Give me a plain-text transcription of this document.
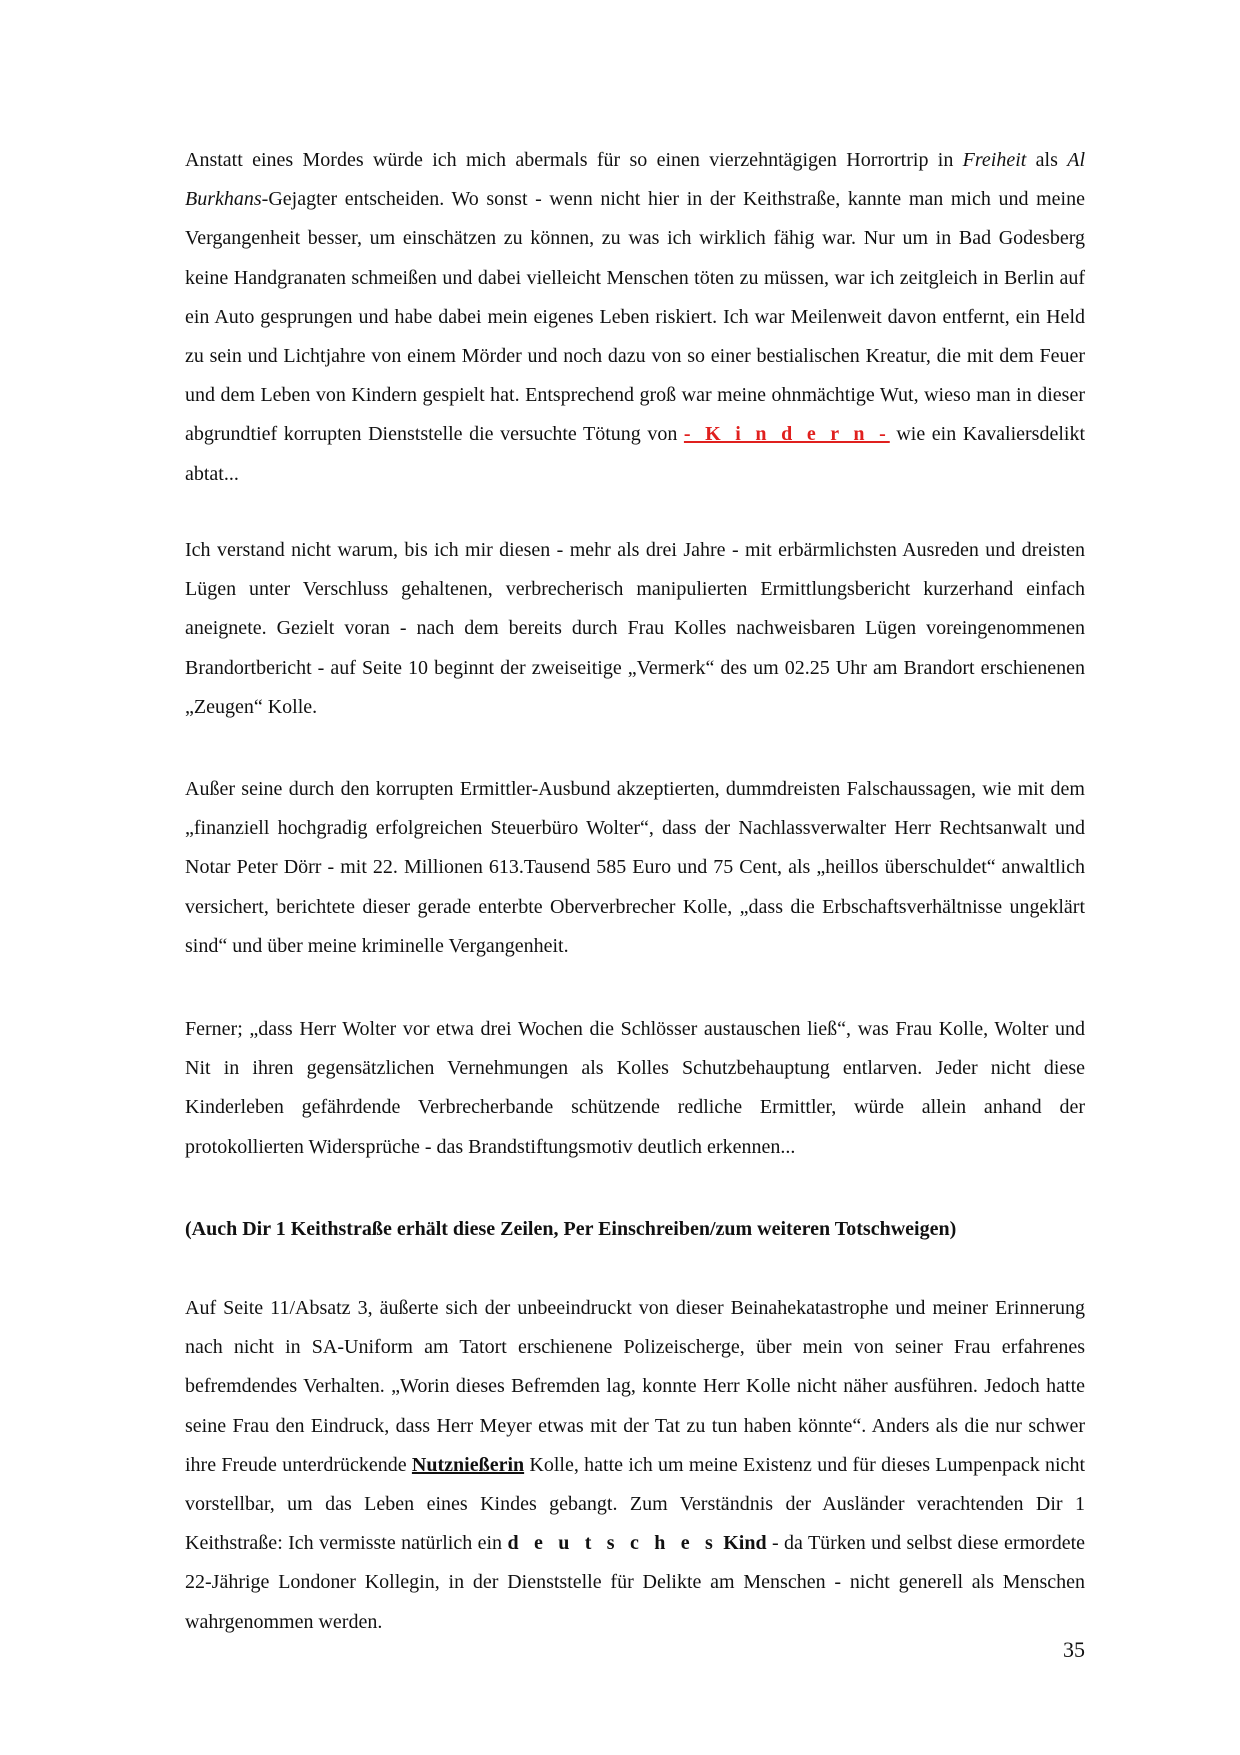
Anstatt eines Mordes würde ich mich abermals für so einen vierzehntägigen Horrortrip in Freiheit als Al Burkhans-Gejagter entscheiden. Wo sonst - wenn nicht hier in der Keithstraße, kannte man mich und meine Vergangenheit besser, um einschätzen zu können, zu was ich wirklich fähig war. Nur um in Bad Godesberg keine Handgranaten schmeißen und dabei vielleicht Menschen töten zu müssen, war ich zeitgleich in Berlin auf ein Auto gesprungen und habe dabei mein eigenes Leben riskiert. Ich war Meilenweit davon entfernt, ein Held zu sein und Lichtjahre von einem Mörder und noch dazu von so einer bestialischen Kreatur, die mit dem Feuer und dem Leben von Kindern gespielt hat. Entsprechend groß war meine ohnmächtige Wut, wieso man in dieser abgrundtief korrupten Dienststelle die versuchte Tötung von - K i n d e r n - wie ein Kavaliersdelikt abtat...

Ich verstand nicht warum, bis ich mir diesen - mehr als drei Jahre - mit erbärmlichsten Ausreden und dreisten Lügen unter Verschluss gehaltenen, verbrecherisch manipulierten Ermittlungsbericht kurzerhand einfach aneignete. Gezielt voran - nach dem bereits durch Frau Kolles nachweisbaren Lügen voreingenommenen Brandortbericht - auf Seite 10 beginnt der zweiseitige „Vermerk“ des um 02.25 Uhr am Brandort erschienenen „Zeugen“ Kolle.

Außer seine durch den korrupten Ermittler-Ausbund akzeptierten, dummdreisten Falschaussagen, wie mit dem „finanziell hochgradig erfolgreichen Steuerbüro Wolter“, dass der Nachlassverwalter Herr Rechtsanwalt und Notar Peter Dörr - mit 22. Millionen 613.Tausend 585 Euro und 75 Cent, als „heillos überschuldet“ anwaltlich versichert, berichtete dieser gerade enterbte Oberverbrecher Kolle, „dass die Erbschaftsverhältnisse ungeklärt sind“ und über meine kriminelle Vergangenheit.

Ferner; „dass Herr Wolter vor etwa drei Wochen die Schlösser austauschen ließ“, was Frau Kolle, Wolter und Nit in ihren gegensätzlichen Vernehmungen als Kolles Schutzbehauptung entlarven. Jeder nicht diese Kinderleben gefährdende Verbrecherbande schützende redliche Ermittler, würde allein anhand der protokollierten Widersprüche - das Brandstiftungsmotiv deutlich erkennen...

(Auch Dir 1 Keithstraße erhält diese Zeilen, Per Einschreiben/zum weiteren Totschweigen)

Auf Seite 11/Absatz 3, äußerte sich der unbeeindruckt von dieser Beinahekatastrophe und meiner Erinnerung nach nicht in SA-Uniform am Tatort erschienene Polizeischerge, über mein von seiner Frau erfahrenes befremdendes Verhalten. „Worin dieses Befremden lag, konnte Herr Kolle nicht näher ausführen. Jedoch hatte seine Frau den Eindruck, dass Herr Meyer etwas mit der Tat zu tun haben könnte“. Anders als die nur schwer ihre Freude unterdrückende Nutznießerin Kolle, hatte ich um meine Existenz und für dieses Lumpenpack nicht vorstellbar, um das Leben eines Kindes gebangt. Zum Verständnis der Ausländer verachtenden Dir 1 Keithstraße: Ich vermisste natürlich ein d e u t s c h e s Kind - da Türken und selbst diese ermordete 22-Jährige Londoner Kollegin, in der Dienststelle für Delikte am Menschen - nicht generell als Menschen wahrgenommen werden.

35
